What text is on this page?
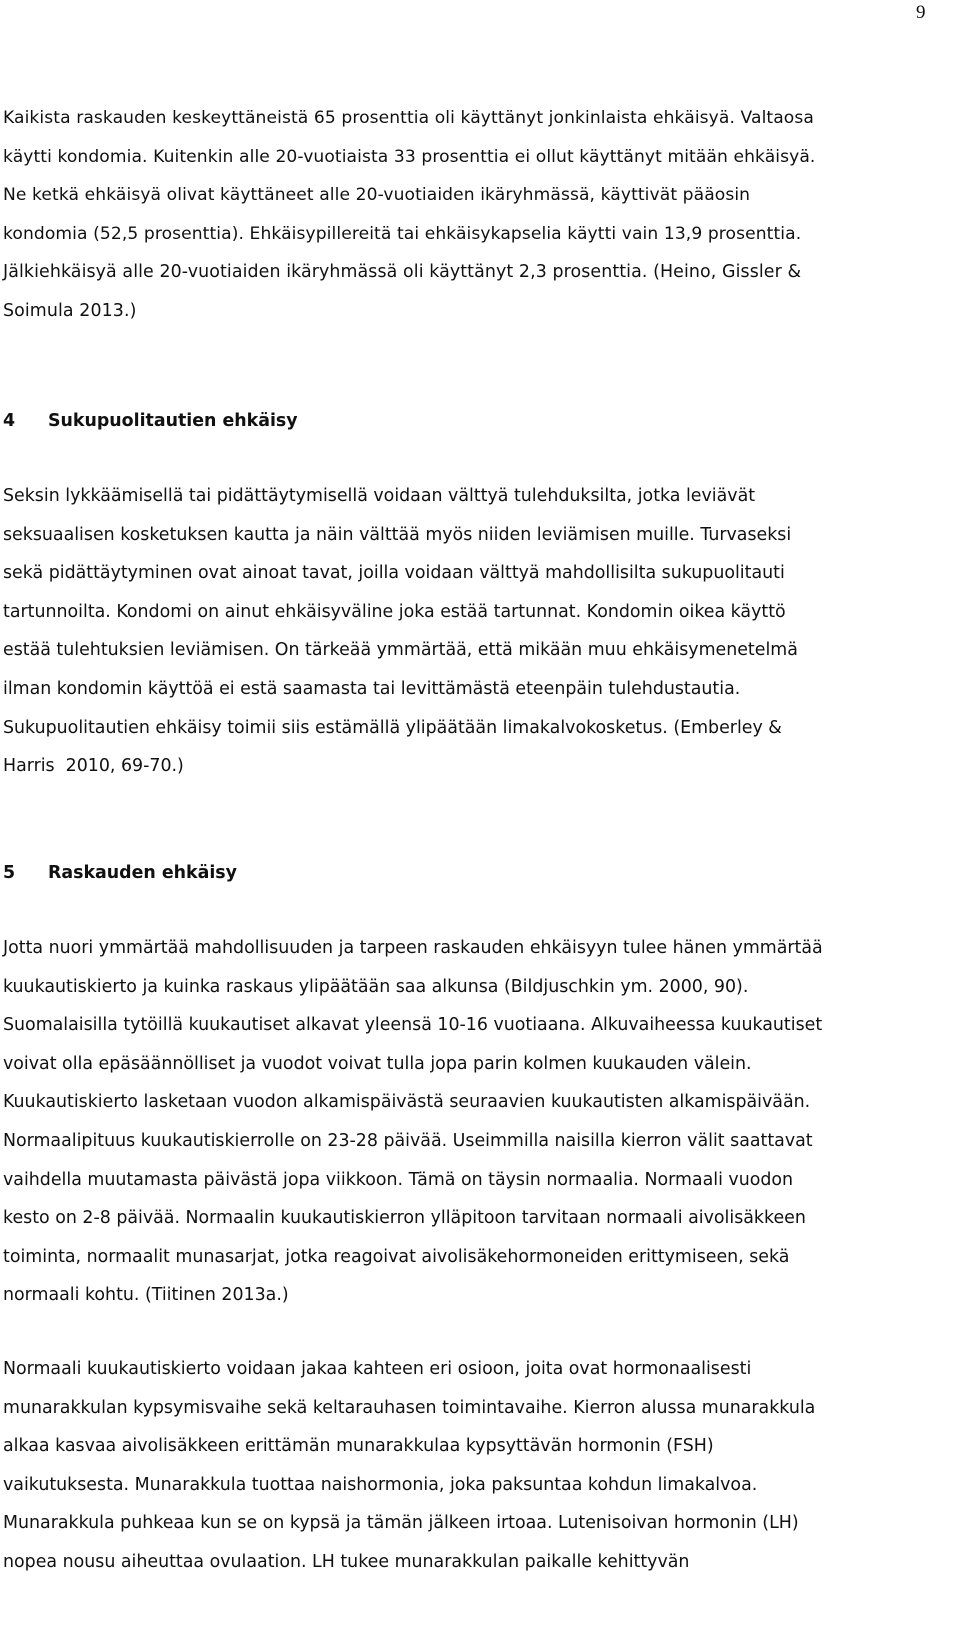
9

Kaikista raskauden keskeyttäneistä 65 prosenttia oli käyttänyt jonkinlaista ehkäisyä. Valtaosa
käytti kondomia. Kuitenkin alle 20-vuotiaista 33 prosenttia ei ollut käyttänyt mitään ehkäisyä.
Ne ketkä ehkäisyä olivat käyttäneet alle 20-vuotiaiden ikäryhmässä, käyttivät pääosin
kondomia (52,5 prosenttia). Ehkäisypillereitä tai ehkäisykapselia käytti vain 13,9 prosenttia.
Jälkiehkäisyä alle 20-vuotiaiden ikäryhmässä oli käyttänyt 2,3 prosenttia. (Heino, Gissler &
Soimula 2013.)

4 Sukupuolitautien ehkäisy

Seksin lykkäämisellä tai pidättäytymisellä voidaan välttyä tulehduksilta, jotka leviävät
seksuaalisen kosketuksen kautta ja näin välttää myös niiden leviämisen muille. Turvaseksi
sekä pidättäytyminen ovat ainoat tavat, joilla voidaan välttyä mahdollisilta sukupuolitauti
tartunnoilta. Kondomi on ainut ehkäisyväline joka estää tartunnat. Kondomin oikea käyttö
estää tulehtuksien leviämisen. On tärkeää ymmärtää, että mikään muu ehkäisymenetelmä
ilman kondomin käyttöä ei estä saamasta tai levittämästä eteenpäin tulehdustautia.
Sukupuolitautien ehkäisy toimii siis estämällä ylipäätään limakalvokosketus. (Emberley &
Harris  2010, 69-70.)

5 Raskauden ehkäisy

Jotta nuori ymmärtää mahdollisuuden ja tarpeen raskauden ehkäisyyn tulee hänen ymmärtää
kuukautiskierto ja kuinka raskaus ylipäätään saa alkunsa (Bildjuschkin ym. 2000, 90).
Suomalaisilla tytöillä kuukautiset alkavat yleensä 10-16 vuotiaana. Alkuvaiheessa kuukautiset
voivat olla epäsäännölliset ja vuodot voivat tulla jopa parin kolmen kuukauden välein.
Kuukautiskierto lasketaan vuodon alkamispäivästä seuraavien kuukautisten alkamispäivään.
Normaalipituus kuukautiskierrolle on 23-28 päivää. Useimmilla naisilla kierron välit saattavat
vaihdella muutamasta päivästä jopa viikkoon. Tämä on täysin normaalia. Normaali vuodon
kesto on 2-8 päivää. Normaalin kuukautiskierron ylläpitoon tarvitaan normaali aivolisäkkeen
toiminta, normaalit munasarjat, jotka reagoivat aivolisäkehormoneiden erittymiseen, sekä
normaali kohtu. (Tiitinen 2013a.)

Normaali kuukautiskierto voidaan jakaa kahteen eri osioon, joita ovat hormonaalisesti
munarakkulan kypsymisvaihe sekä keltarauhasen toimintavaihe. Kierron alussa munarakkula
alkaa kasvaa aivolisäkkeen erittämän munarakkulaa kypsyttävän hormonin (FSH)
vaikutuksesta. Munarakkula tuottaa naishormonia, joka paksuntaa kohdun limakalvoa.
Munarakkula puhkeaa kun se on kypsä ja tämän jälkeen irtoaa. Lutenisoivan hormonin (LH)
nopea nousu aiheuttaa ovulaation. LH tukee munarakkulan paikalle kehittyvän
